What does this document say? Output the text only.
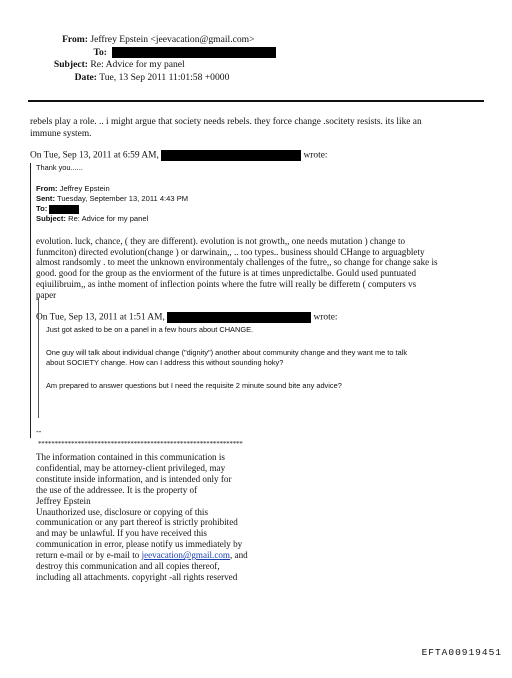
From: Jeffrey Epstein <jeevacation@gmail.com>
To:
Subject: Re: Advice for my panel
Date: Tue, 13 Sep 2011 11:01:58 +0000
rebels play a role. .. i might argue that society needs rebels. they force change .socitety resists. its like an
immune system.
On Tue, Sep 13, 2011 at 6:59 AM,	wrote:
Thank you......
From: Jeffrey Epstein
Sent: Tuesday, September 13, 2011 4:43 PM
To:
Subject: Re: Advice for my panel
evolution. luck, chance, ( they are different). evolution is not growth,, one needs mutation ) change to
funmciton) directed evolution(change ) or darwinain,, .. too types.. business should CHange to arguagblety
almost randsomly . to meet the unknown environmentaly challenges of the futre,, so change for change sake is
good. good for the group as the enviorment of the future is at times unpredictalbe. Gould used puntuated
eqiuilibruim,, as inthe moment of inflection points where the futre will really be differetn ( computers vs
paper
On Tue, Sep 13, 2011 at 1:51 AM,	wrote:
Just got asked to be on a panel in a few hours about CHANGE.
One guy will talk about individual change ("dignity") another about community change and they want me to talk
about SOCIETY change. How can I address this without sounding hoky?
Am prepared to answer questions but I need the requisite 2 minute sound bite any advice?
--
**************************************************************
The information contained in this communication is
confidential, may be attorney-client privileged, may
constitute inside information, and is intended only for
the use of the addressee. It is the property of
Jeffrey Epstein
Unauthorized use, disclosure or copying of this
communication or any part thereof is strictly prohibited
and may be unlawful. If you have received this
communication in error, please notify us immediately by
return e-mail or by e-mail to jeevacation@gmail.com, and
destroy this communication and all copies thereof,
including all attachments. copyright -all rights reserved
EFTA00919451
